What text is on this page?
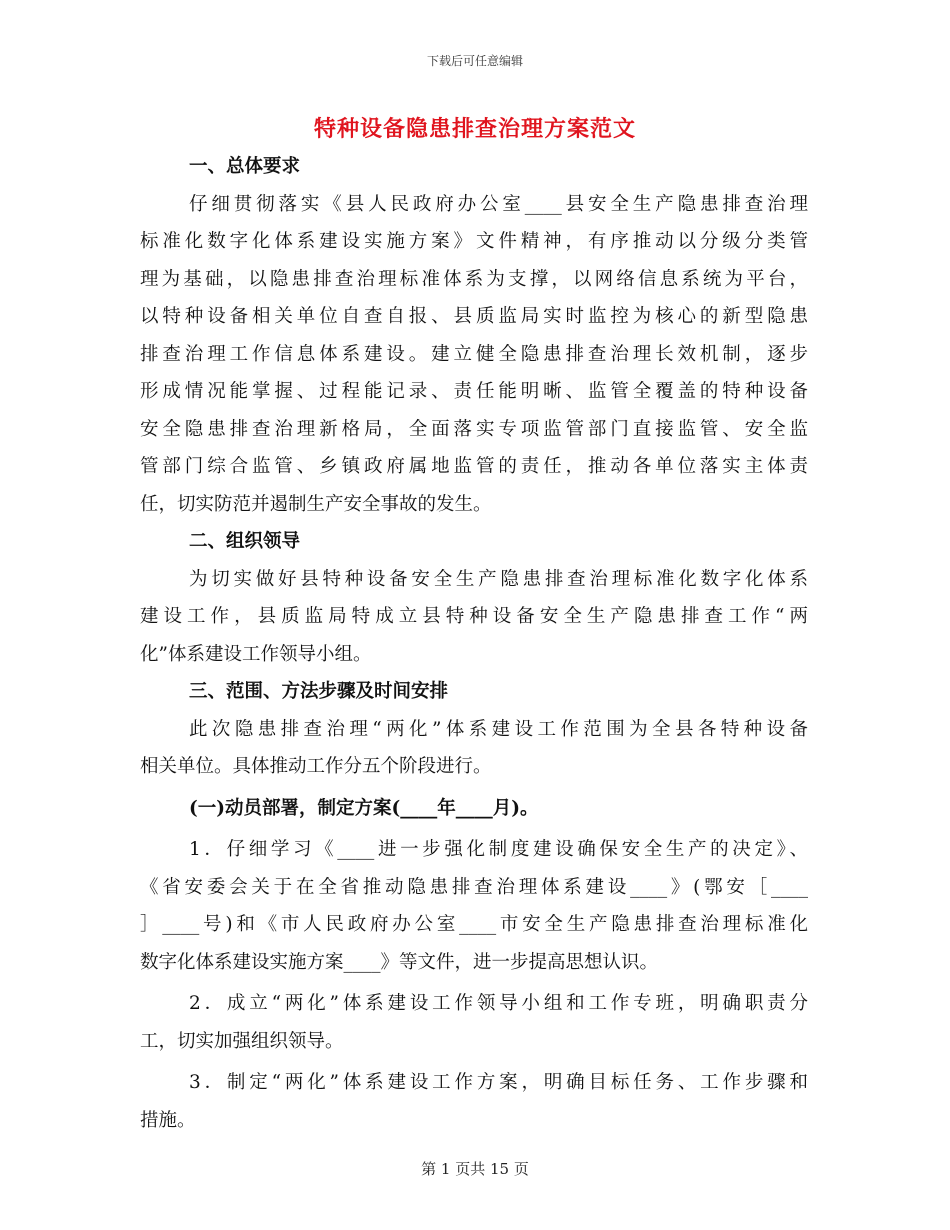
下载后可任意编辑
特种设备隐患排查治理方案范文
一、总体要求
仔细贯彻落实《县人民政府办公室____县安全生产隐患排查治理
标准化数字化体系建设实施方案》文件精神，有序推动以分级分类管
理为基础，以隐患排查治理标准体系为支撑，以网络信息系统为平台，
以特种设备相关单位自查自报、县质监局实时监控为核心的新型隐患
排查治理工作信息体系建设。建立健全隐患排查治理长效机制，逐步
形成情况能掌握、过程能记录、责任能明晰、监管全覆盖的特种设备
安全隐患排查治理新格局，全面落实专项监管部门直接监管、安全监
管部门综合监管、乡镇政府属地监管的责任，推动各单位落实主体责
任，切实防范并遏制生产安全事故的发生。
二、组织领导
为切实做好县特种设备安全生产隐患排查治理标准化数字化体系
建设工作，县质监局特成立县特种设备安全生产隐患排查工作“两
化”体系建设工作领导小组。
三、范围、方法步骤及时间安排
此次隐患排查治理“两化”体系建设工作范围为全县各特种设备
相关单位。具体推动工作分五个阶段进行。
(一)动员部署，制定方案(____年____月)。
1．仔细学习《____进一步强化制度建设确保安全生产的决定》、
《省安委会关于在全省推动隐患排查治理体系建设____》(鄂安［____
］____号)和《市人民政府办公室____市安全生产隐患排查治理标准化
数字化体系建设实施方案____》等文件，进一步提高思想认识。
2．成立“两化”体系建设工作领导小组和工作专班，明确职责分
工，切实加强组织领导。
3．制定“两化”体系建设工作方案，明确目标任务、工作步骤和
措施。
第 1 页共 15 页
